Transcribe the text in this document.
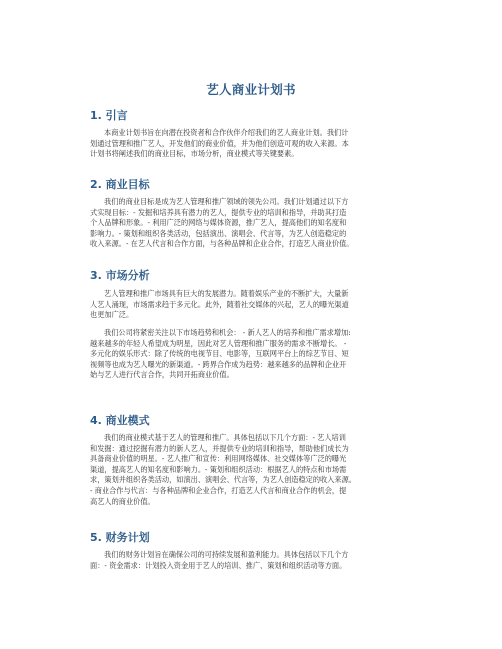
艺人商业计划书
1. 引言
本商业计划书旨在向潜在投资者和合作伙伴介绍我们的艺人商业计划。我们计
划通过管理和推广艺人，开发他们的商业价值，并为他们创造可观的收入来源。本
计划书将阐述我们的商业目标，市场分析，商业模式等关键要素。
2. 商业目标
我们的商业目标是成为艺人管理和推广领域的领先公司。我们计划通过以下方
式实现目标：- 发掘和培养具有潜力的艺人，提供专业的培训和指导，并助其打造
个人品牌和形象。- 利用广泛的网络与媒体资源，推广艺人，提高他们的知名度和
影响力。- 策划和组织各类活动，包括演出、演唱会、代言等，为艺人创造稳定的
收入来源。- 在艺人代言和合作方面，与各种品牌和企业合作，打造艺人商业价值。
3. 市场分析
艺人管理和推广市场具有巨大的发展潜力。随着娱乐产业的不断扩大，大量新
人艺人涌现，市场需求趋于多元化。此外，随着社交媒体的兴起，艺人的曝光渠道
也更加广泛。
我们公司将紧密关注以下市场趋势和机会： - 新人艺人的培养和推广需求增加:
越来越多的年轻人希望成为明星，因此对艺人管理和推广服务的需求不断增长。 -
多元化的娱乐形式：除了传统的电视节目、电影等，互联网平台上的综艺节目、短
视频等也成为艺人曝光的新渠道。- 跨界合作成为趋势：越来越多的品牌和企业开
始与艺人进行代言合作，共同开拓商业价值。
4. 商业模式
我们的商业模式基于艺人的管理和推广。具体包括以下几个方面：- 艺人培训
和发掘：通过挖掘有潜力的新人艺人，并提供专业的培训和指导，帮助他们成长为
具备商业价值的明星。- 艺人推广和宣传：利用网络媒体、社交媒体等广泛的曝光
渠道，提高艺人的知名度和影响力。- 策划和组织活动：根据艺人的特点和市场需
求，策划并组织各类活动，如演出、演唱会、代言等，为艺人创造稳定的收入来源。
- 商业合作与代言：与各种品牌和企业合作，打造艺人代言和商业合作的机会，提
高艺人的商业价值。
5. 财务计划
我们的财务计划旨在确保公司的可持续发展和盈利能力。具体包括以下几个方
面：- 资金需求：计划投入资金用于艺人的培训、推广、策划和组织活动等方面。
